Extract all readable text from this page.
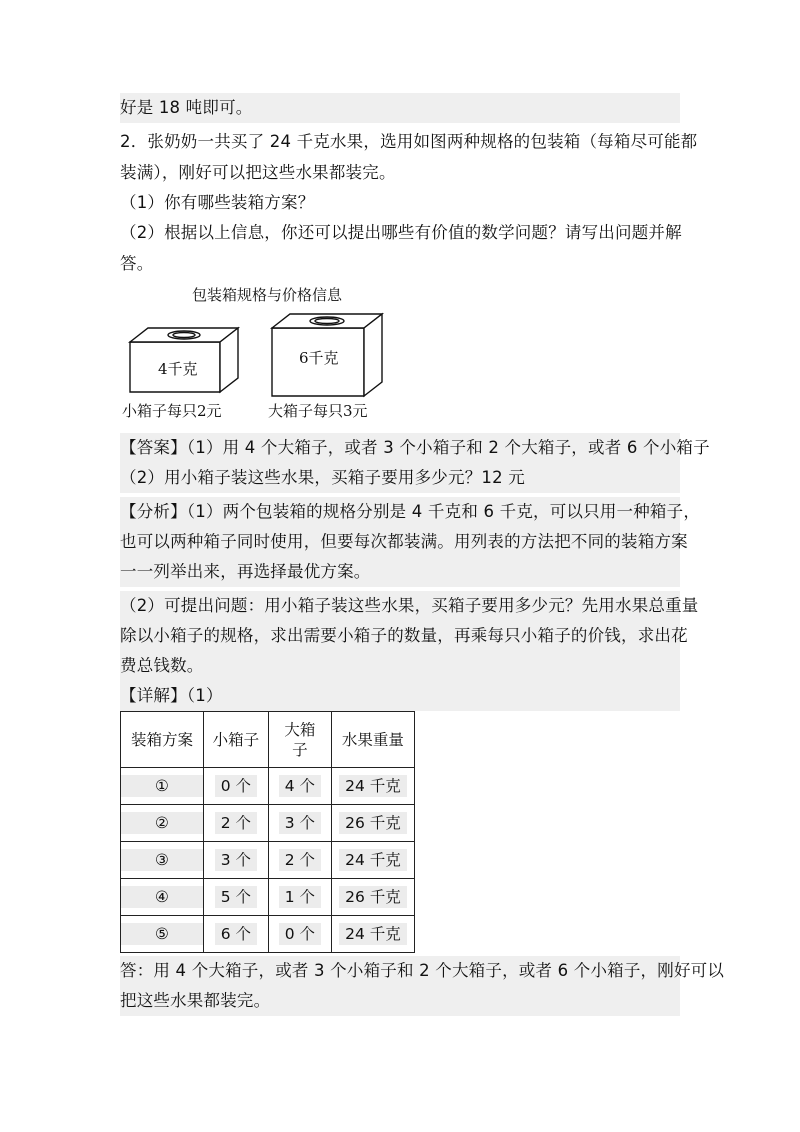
好是 18 吨即可。
2．张奶奶一共买了 24 千克水果，选用如图两种规格的包装箱（每箱尽可能都
装满），刚好可以把这些水果都装完。
（1）你有哪些装箱方案？
（2）根据以上信息，你还可以提出哪些有价值的数学问题？请写出问题并解
答。
包装箱规格与价格信息
4千克
6千克
小箱子每只2元	大箱子每只3元
【答案】（1）用 4 个大箱子，或者 3 个小箱子和 2 个大箱子，或者 6 个小箱子
（2）用小箱子装这些水果，买箱子要用多少元？12 元
【分析】（1）两个包装箱的规格分别是 4 千克和 6 千克，可以只用一种箱子，
也可以两种箱子同时使用，但要每次都装满。用列表的方法把不同的装箱方案
一一列举出来，再选择最优方案。
（2）可提出问题：用小箱子装这些水果，买箱子要用多少元？先用水果总重量
除以小箱子的规格，求出需要小箱子的数量，再乘每只小箱子的价钱，求出花
费总钱数。
【详解】（1）
装箱方案	小箱子	大箱子	水果重量
①	0 个	4 个	24 千克
②	2 个	3 个	26 千克
③	3 个	2 个	24 千克
④	5 个	1 个	26 千克
⑤	6 个	0 个	24 千克
答：用 4 个大箱子，或者 3 个小箱子和 2 个大箱子，或者 6 个小箱子，刚好可以
把这些水果都装完。
